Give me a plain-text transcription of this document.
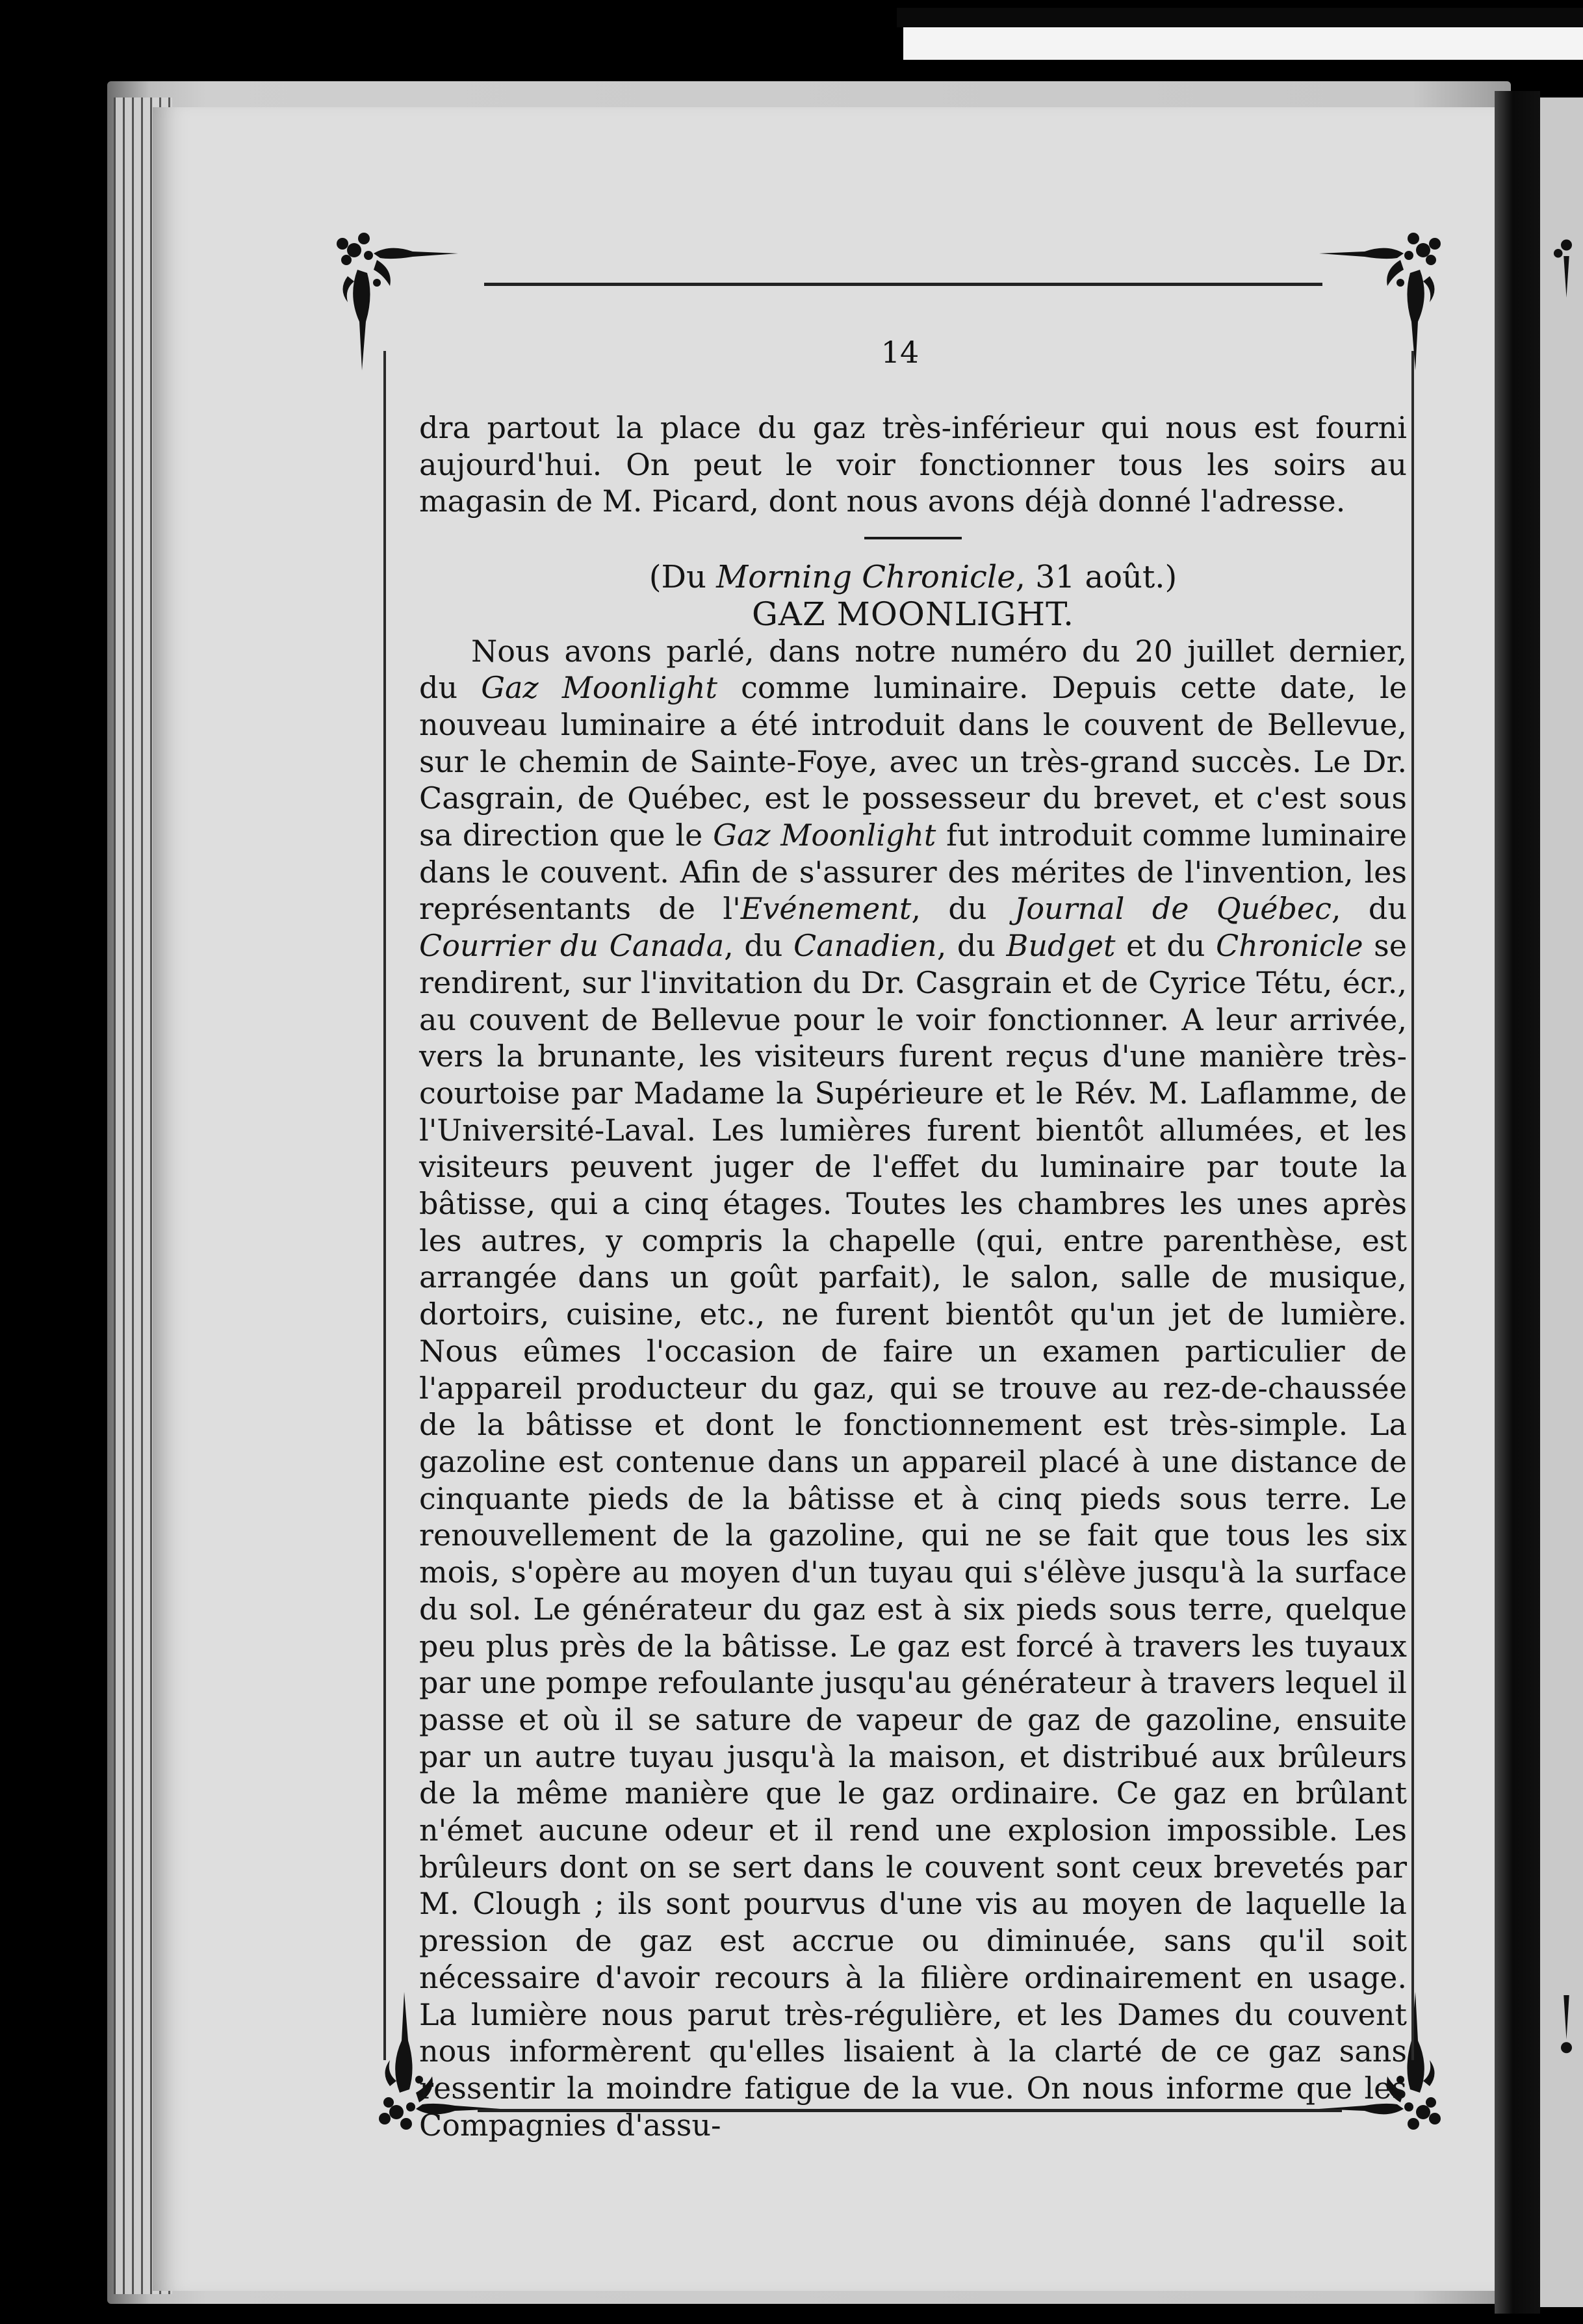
14

dra partout la place du gaz très-inférieur qui nous est fourni aujourd'hui. On peut le voir fonctionner tous les soirs au magasin de M. Picard, dont nous avons déjà donné l'adresse.

(Du Morning Chronicle, 31 août.)

GAZ MOONLIGHT.

Nous avons parlé, dans notre numéro du 20 juillet dernier, du Gaz Moonlight comme luminaire. Depuis cette date, le nouveau luminaire a été introduit dans le couvent de Bellevue, sur le chemin de Sainte-Foye, avec un très-grand succès. Le Dr. Casgrain, de Québec, est le possesseur du brevet, et c'est sous sa direction que le Gaz Moonlight fut introduit comme luminaire dans le couvent. Afin de s'assurer des mérites de l'invention, les représentants de l'Evénement, du Journal de Québec, du Courrier du Canada, du Canadien, du Budget et du Chronicle se rendirent, sur l'invitation du Dr. Casgrain et de Cyrice Tétu, écr., au couvent de Bellevue pour le voir fonctionner. A leur arrivée, vers la brunante, les visiteurs furent reçus d'une manière très-courtoise par Madame la Supérieure et le Rév. M. Laflamme, de l'Université-Laval. Les lumières furent bientôt allumées, et les visiteurs peuvent juger de l'effet du luminaire par toute la bâtisse, qui a cinq étages. Toutes les chambres les unes après les autres, y compris la chapelle (qui, entre parenthèse, est arrangée dans un goût parfait), le salon, salle de musique, dortoirs, cuisine, etc., ne furent bientôt qu'un jet de lumière. Nous eûmes l'occasion de faire un examen particulier de l'appareil producteur du gaz, qui se trouve au rez-de-chaussée de la bâtisse et dont le fonctionnement est très-simple. La gazoline est contenue dans un appareil placé à une distance de cinquante pieds de la bâtisse et à cinq pieds sous terre. Le renouvellement de la gazoline, qui ne se fait que tous les six mois, s'opère au moyen d'un tuyau qui s'élève jusqu'à la surface du sol. Le générateur du gaz est à six pieds sous terre, quelque peu plus près de la bâtisse. Le gaz est forcé à travers les tuyaux par une pompe refoulante jusqu'au générateur à travers lequel il passe et où il se sature de vapeur de gaz de gazoline, ensuite par un autre tuyau jusqu'à la maison, et distribué aux brûleurs de la même manière que le gaz ordinaire. Ce gaz en brûlant n'émet aucune odeur et il rend une explosion impossible. Les brûleurs dont on se sert dans le couvent sont ceux brevetés par M. Clough ; ils sont pourvus d'une vis au moyen de laquelle la pression de gaz est accrue ou diminuée, sans qu'il soit nécessaire d'avoir recours à la filière ordinairement en usage. La lumière nous parut très-régulière, et les Dames du couvent nous informèrent qu'elles lisaient à la clarté de ce gaz sans ressentir la moindre fatigue de la vue. On nous informe que les Compagnies d'assu-
